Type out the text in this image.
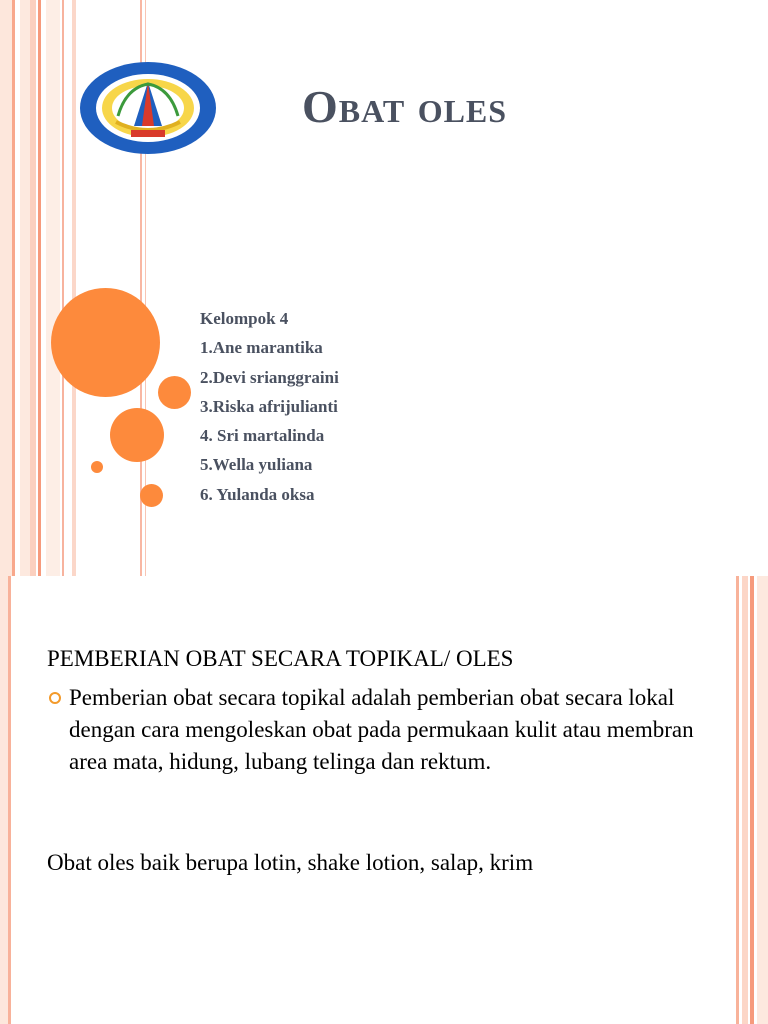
Obat oles
Kelompok 4
1.Ane marantika
2.Devi srianggraini
3.Riska afrijulianti
4. Sri martalinda
5.Wella yuliana
6. Yulanda oksa
PEMBERIAN OBAT SECARA TOPIKAL/ OLES
Pemberian obat secara topikal adalah pemberian obat secara lokal dengan cara mengoleskan obat pada permukaan kulit atau membran area mata, hidung, lubang telinga dan rektum.
Obat oles baik berupa lotin, shake lotion, salap, krim
